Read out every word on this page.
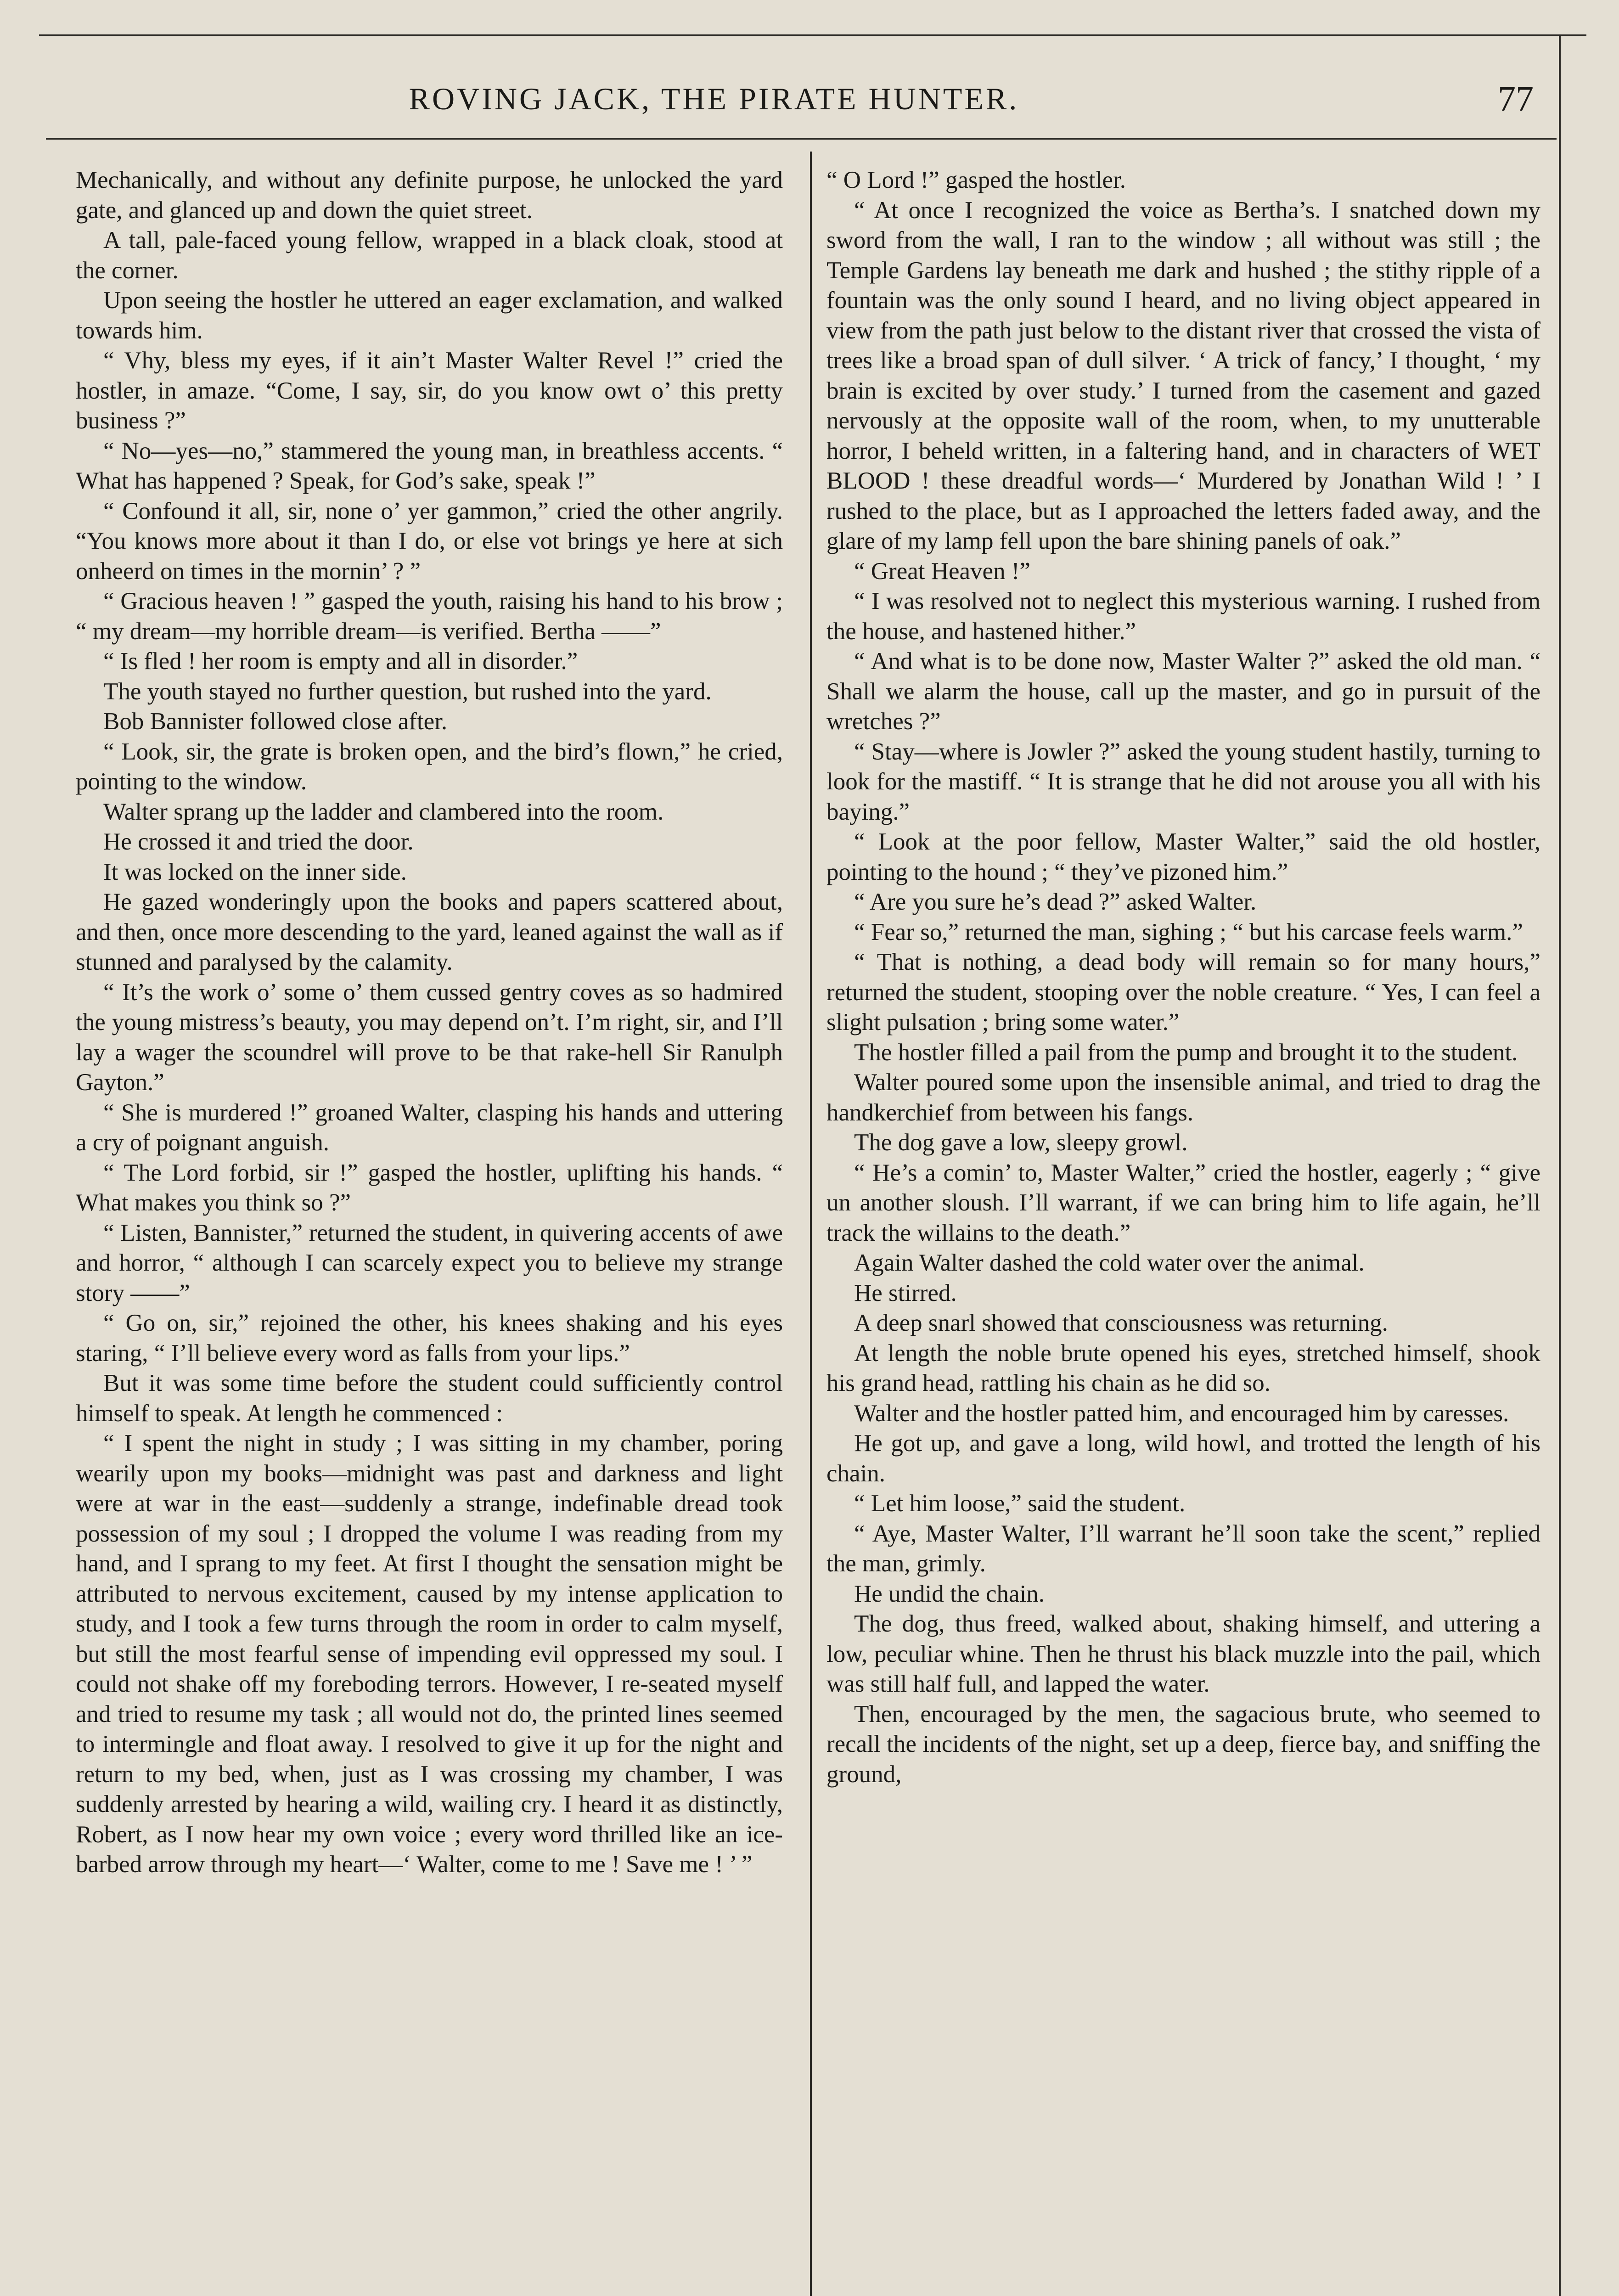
ROVING JACK, THE PIRATE HUNTER.	77

Mechanically, and without any definite purpose, he unlocked the yard gate, and glanced up and down the quiet street.

A tall, pale-faced young fellow, wrapped in a black cloak, stood at the corner.

Upon seeing the hostler he uttered an eager exclamation, and walked towards him.

“ Vhy, bless my eyes, if it ain’t Master Walter Revel !” cried the hostler, in amaze. “Come, I say, sir, do you know owt o’ this pretty business ?”

“ No—yes—no,” stammered the young man, in breathless accents. “ What has happened ? Speak, for God’s sake, speak !”

“ Confound it all, sir, none o’ yer gammon,” cried the other angrily. “You knows more about it than I do, or else vot brings ye here at sich onheerd on times in the mornin’ ? ”

“ Gracious heaven ! ” gasped the youth, raising his hand to his brow ; “ my dream—my horrible dream—is verified. Bertha ——”

“ Is fled ! her room is empty and all in disorder.”

The youth stayed no further question, but rushed into the yard.

Bob Bannister followed close after.

“ Look, sir, the grate is broken open, and the bird’s flown,” he cried, pointing to the window.

Walter sprang up the ladder and clambered into the room.

He crossed it and tried the door.

It was locked on the inner side.

He gazed wonderingly upon the books and papers scattered about, and then, once more descending to the yard, leaned against the wall as if stunned and paralysed by the calamity.

“ It’s the work o’ some o’ them cussed gentry coves as so hadmired the young mistress’s beauty, you may depend on’t. I’m right, sir, and I’ll lay a wager the scoundrel will prove to be that rake-hell Sir Ranulph Gayton.”

“ She is murdered !” groaned Walter, clasping his hands and uttering a cry of poignant anguish.

“ The Lord forbid, sir !” gasped the hostler, uplifting his hands. “ What makes you think so ?”

“ Listen, Bannister,” returned the student, in quivering accents of awe and horror, “ although I can scarcely expect you to believe my strange story ——”

“ Go on, sir,” rejoined the other, his knees shaking and his eyes staring, “ I’ll believe every word as falls from your lips.”

But it was some time before the student could sufficiently control himself to speak. At length he commenced :

“ I spent the night in study ; I was sitting in my chamber, poring wearily upon my books—midnight was past and darkness and light were at war in the east—suddenly a strange, indefinable dread took possession of my soul ; I dropped the volume I was reading from my hand, and I sprang to my feet. At first I thought the sensation might be attributed to nervous excitement, caused by my intense application to study, and I took a few turns through the room in order to calm myself, but still the most fearful sense of impending evil oppressed my soul. I could not shake off my foreboding terrors. However, I re-seated myself and tried to resume my task ; all would not do, the printed lines seemed to intermingle and float away. I resolved to give it up for the night and return to my bed, when, just as I was crossing my chamber, I was suddenly arrested by hearing a wild, wailing cry. I heard it as distinctly, Robert, as I now hear my own voice ; every word thrilled like an ice-barbed arrow through my heart—‘ Walter, come to me ! Save me ! ’ ”

“ O Lord !” gasped the hostler.

“ At once I recognized the voice as Bertha’s. I snatched down my sword from the wall, I ran to the window ; all without was still ; the Temple Gardens lay beneath me dark and hushed ; the stithy ripple of a fountain was the only sound I heard, and no living object appeared in view from the path just below to the distant river that crossed the vista of trees like a broad span of dull silver. ‘ A trick of fancy,’ I thought, ‘ my brain is excited by over study.’ I turned from the casement and gazed nervously at the opposite wall of the room, when, to my unutterable horror, I beheld written, in a faltering hand, and in characters of WET BLOOD ! these dreadful words—‘ Murdered by Jonathan Wild ! ’ I rushed to the place, but as I approached the letters faded away, and the glare of my lamp fell upon the bare shining panels of oak.”

“ Great Heaven !”

“ I was resolved not to neglect this mysterious warning. I rushed from the house, and hastened hither.”

“ And what is to be done now, Master Walter ?” asked the old man. “ Shall we alarm the house, call up the master, and go in pursuit of the wretches ?”

“ Stay—where is Jowler ?” asked the young student hastily, turning to look for the mastiff. “ It is strange that he did not arouse you all with his baying.”

“ Look at the poor fellow, Master Walter,” said the old hostler, pointing to the hound ; “ they’ve pizoned him.”

“ Are you sure he’s dead ?” asked Walter.

“ Fear so,” returned the man, sighing ; “ but his carcase feels warm.”

“ That is nothing, a dead body will remain so for many hours,” returned the student, stooping over the noble creature. “ Yes, I can feel a slight pulsation ; bring some water.”

The hostler filled a pail from the pump and brought it to the student.

Walter poured some upon the insensible animal, and tried to drag the handkerchief from between his fangs.

The dog gave a low, sleepy growl.

“ He’s a comin’ to, Master Walter,” cried the hostler, eagerly ; “ give un another sloush. I’ll warrant, if we can bring him to life again, he’ll track the willains to the death.”

Again Walter dashed the cold water over the animal.

He stirred.

A deep snarl showed that consciousness was returning.

At length the noble brute opened his eyes, stretched himself, shook his grand head, rattling his chain as he did so.

Walter and the hostler patted him, and encouraged him by caresses.

He got up, and gave a long, wild howl, and trotted the length of his chain.

“ Let him loose,” said the student.

“ Aye, Master Walter, I’ll warrant he’ll soon take the scent,” replied the man, grimly.

He undid the chain.

The dog, thus freed, walked about, shaking himself, and uttering a low, peculiar whine. Then he thrust his black muzzle into the pail, which was still half full, and lapped the water.

Then, encouraged by the men, the sagacious brute, who seemed to recall the incidents of the night, set up a deep, fierce bay, and sniffing the ground,
